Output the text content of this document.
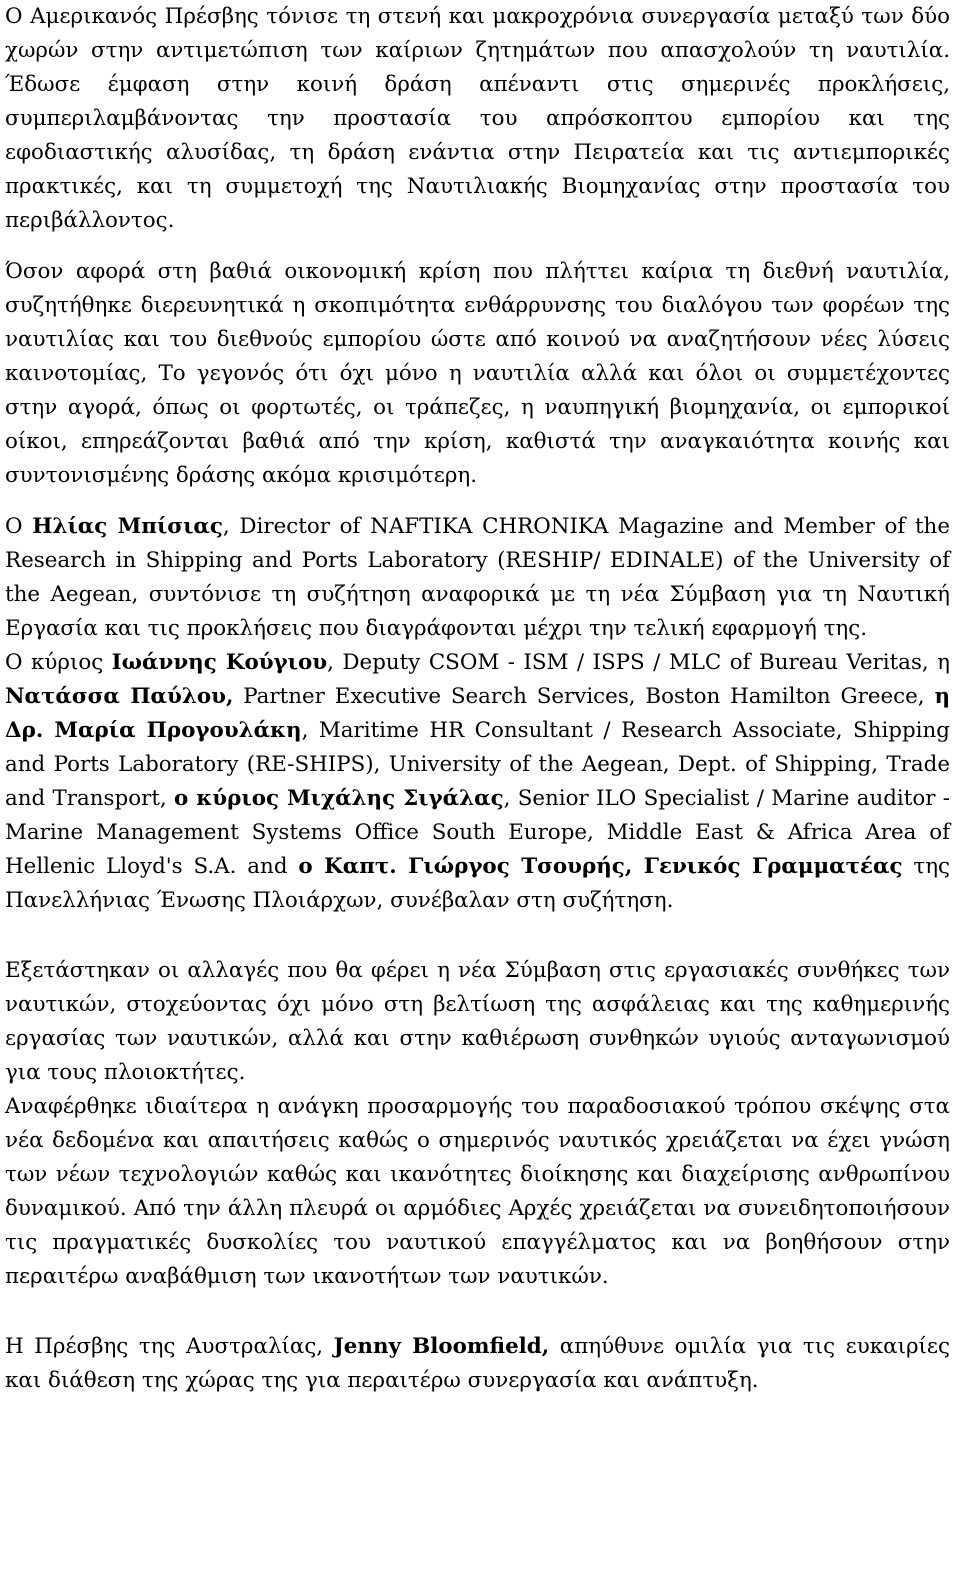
Ο Αμερικανός Πρέσβης τόνισε τη στενή και μακροχρόνια συνεργασία μεταξύ των δύο χωρών στην αντιμετώπιση των καίριων ζητημάτων που απασχολούν τη ναυτιλία. Έδωσε έμφαση στην κοινή δράση απέναντι στις σημερινές προκλήσεις, συμπεριλαμβάνοντας την προστασία του απρόσκοπτου εμπορίου και της εφοδιαστικής αλυσίδας, τη δράση ενάντια στην Πειρατεία και τις αντιεμπορικές πρακτικές, και τη συμμετοχή της Ναυτιλιακής Βιομηχανίας στην προστασία του περιβάλλοντος.

Όσον αφορά στη βαθιά οικονομική κρίση που πλήττει καίρια τη διεθνή ναυτιλία, συζητήθηκε διερευνητικά η σκοπιμότητα ενθάρρυνσης του διαλόγου των φορέων της ναυτιλίας και του διεθνούς εμπορίου ώστε από κοινού να αναζητήσουν νέες λύσεις καινοτομίας, Το γεγονός ότι όχι μόνο η ναυτιλία αλλά και όλοι οι συμμετέχοντες στην αγορά, όπως οι φορτωτές, οι τράπεζες, η ναυπηγική βιομηχανία, οι εμπορικοί οίκοι, επηρεάζονται βαθιά από την κρίση, καθιστά την αναγκαιότητα κοινής και συντονισμένης δράσης ακόμα κρισιμότερη.

Ο Ηλίας Μπίσιας, Director of NAFTIKA CHRONIKA Magazine and Member of the Research in Shipping and Ports Laboratory (RESHIP/ EDINALE) of the University of the Aegean, συντόνισε τη συζήτηση αναφορικά με τη νέα Σύμβαση για τη Ναυτική Εργασία και τις προκλήσεις που διαγράφονται μέχρι την τελική εφαρμογή της.

Ο κύριος Ιωάννης Κούγιου, Deputy CSOM - ISM / ISPS / MLC of Bureau Veritas, η Νατάσσα Παύλου, Partner Executive Search Services, Boston Hamilton Greece, η Δρ. Μαρία Προγουλάκη, Maritime HR Consultant / Research Associate, Shipping and Ports Laboratory (RE-SHIPS), University of the Aegean, Dept. of Shipping, Trade and Transport, ο κύριος Μιχάλης Σιγάλας, Senior ILO Specialist / Marine auditor - Marine Management Systems Office South Europe, Middle East & Africa Area of Hellenic Lloyd's S.A. and ο Καπτ. Γιώργος Τσουρής, Γενικός Γραμματέας της Πανελλήνιας Ένωσης Πλοιάρχων, συνέβαλαν στη συζήτηση.

Εξετάστηκαν οι αλλαγές που θα φέρει η νέα Σύμβαση στις εργασιακές συνθήκες των ναυτικών, στοχεύοντας όχι μόνο στη βελτίωση της ασφάλειας και της καθημερινής εργασίας των ναυτικών, αλλά και στην καθιέρωση συνθηκών υγιούς ανταγωνισμού για τους πλοιοκτήτες.

Αναφέρθηκε ιδιαίτερα η ανάγκη προσαρμογής του παραδοσιακού τρόπου σκέψης στα νέα δεδομένα και απαιτήσεις καθώς ο σημερινός ναυτικός χρειάζεται να έχει γνώση των νέων τεχνολογιών καθώς και ικανότητες διοίκησης και διαχείρισης ανθρωπίνου δυναμικού. Από την άλλη πλευρά οι αρμόδιες Αρχές χρειάζεται να συνειδητοποιήσουν τις πραγματικές δυσκολίες του ναυτικού επαγγέλματος και να βοηθήσουν στην περαιτέρω αναβάθμιση των ικανοτήτων των ναυτικών.

Η Πρέσβης της Αυστραλίας, Jenny Bloomfield, απηύθυνε ομιλία για τις ευκαιρίες και διάθεση της χώρας της για περαιτέρω συνεργασία και ανάπτυξη.
